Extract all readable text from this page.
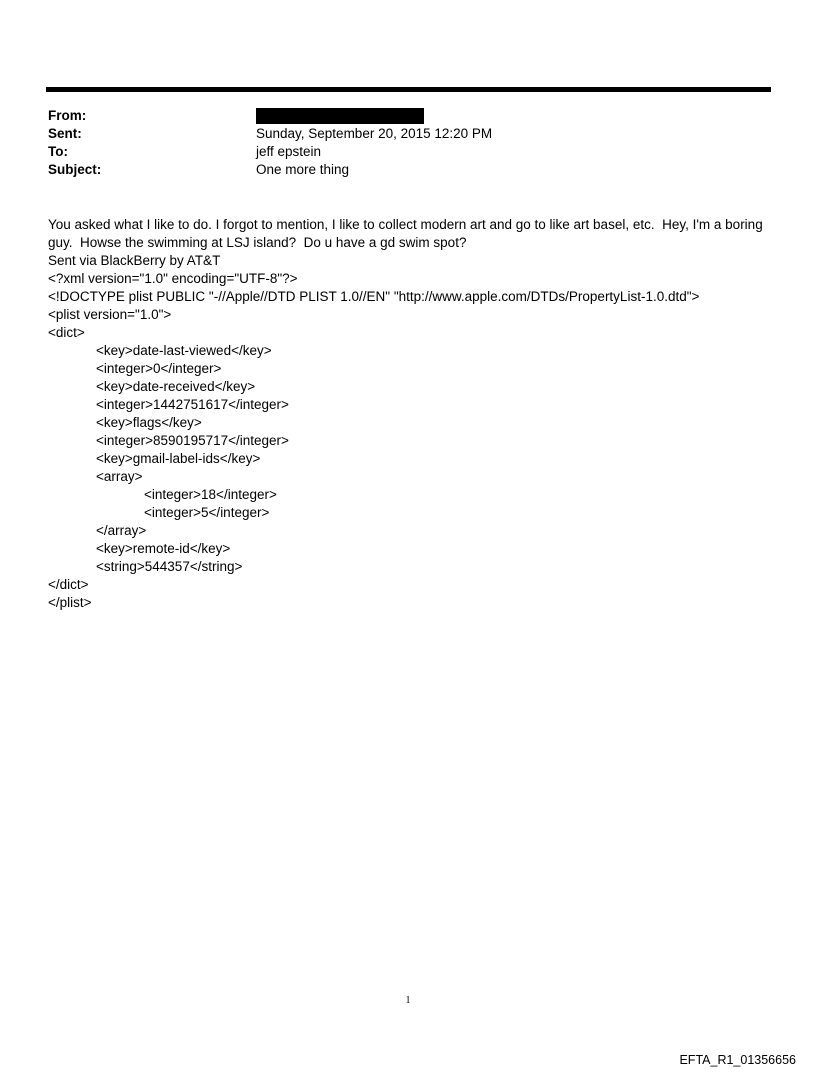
From:
Sent:	Sunday, September 20, 2015 12:20 PM
To:	jeff epstein
Subject:	One more thing
You asked what I like to do. I forgot to mention, I like to collect modern art and go to like art basel, etc.  Hey, I'm a boring
guy.  Howse the swimming at LSJ island?  Do u have a gd swim spot?
Sent via BlackBerry by AT&T
<?xml version="1.0" encoding="UTF-8"?>
<!DOCTYPE plist PUBLIC "-//Apple//DTD PLIST 1.0//EN" "http://www.apple.com/DTDs/PropertyList-1.0.dtd">
<plist version="1.0">
<dict>
<key>date-last-viewed</key>
<integer>0</integer>
<key>date-received</key>
<integer>1442751617</integer>
<key>flags</key>
<integer>8590195717</integer>
<key>gmail-label-ids</key>
<array>
<integer>18</integer>
<integer>5</integer>
</array>
<key>remote-id</key>
<string>544357</string>
</dict>
</plist>
1
EFTA_R1_01356656
